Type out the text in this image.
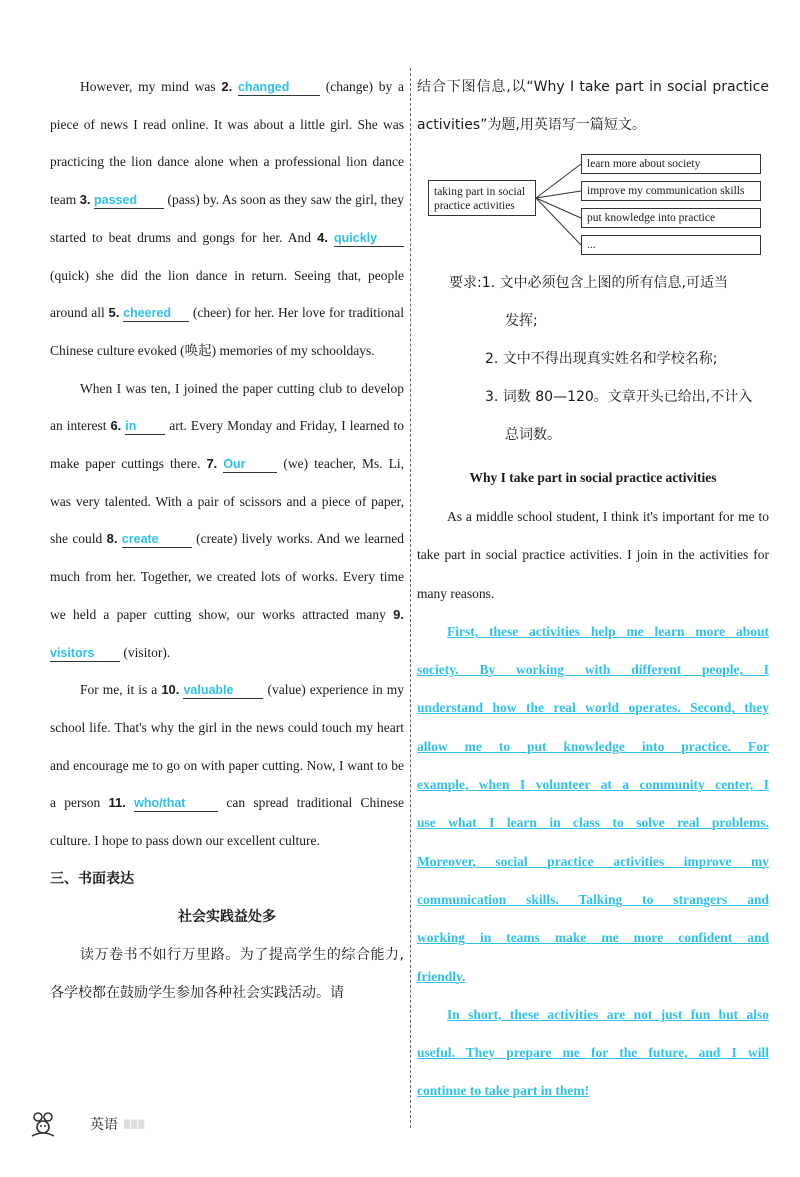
However, my mind was 2. changed (change) by a piece of news I read online. It was about a little girl. She was practicing the lion dance alone when a professional lion dance team 3. passed (pass) by. As soon as they saw the girl, they started to beat drums and gongs for her. And 4. quickly (quick) she did the lion dance in return. Seeing that, people around all 5. cheered (cheer) for her. Her love for traditional Chinese culture evoked (唤起) memories of my schooldays.

When I was ten, I joined the paper cutting club to develop an interest 6. in art. Every Monday and Friday, I learned to make paper cuttings there. 7. Our (we) teacher, Ms. Li, was very talented. With a pair of scissors and a piece of paper, she could 8. create (create) lively works. And we learned much from her. Together, we created lots of works. Every time we held a paper cutting show, our works attracted many 9. visitors (visitor).

For me, it is a 10. valuable (value) experience in my school life. That's why the girl in the news could touch my heart and encourage me to go on with paper cutting. Now, I want to be a person 11. who/that can spread traditional Chinese culture. I hope to pass down our excellent culture.

三、书面表达

社会实践益处多

读万卷书不如行万里路。为了提高学生的综合能力,各学校都在鼓励学生参加各种社会实践活动。请

结合下图信息,以“Why I take part in social practice activities”为题,用英语写一篇短文。

taking part in social practice activities
learn more about society
improve my communication skills
put knowledge into practice
...

要求:1. 文中必须包含上图的所有信息,可适当

发挥;

2. 文中不得出现真实姓名和学校名称;

3. 词数 80—120。文章开头已给出,不计入

总词数。

Why I take part in social practice activities

As a middle school student, I think it's important for me to take part in social practice activities. I join in the activities for many reasons.

First, these activities help me learn more about

society. By working with different people, I

understand how the real world operates. Second, they

allow me to put knowledge into practice. For

example, when I volunteer at a community center, I

use what I learn in class to solve real problems.

Moreover, social practice activities improve my

communication skills. Talking to strangers and

working in teams make me more confident and

friendly.

In short, these activities are not just fun but also

useful. They prepare me for the future, and I will

continue to take part in them!

英语 ▒▒▒
